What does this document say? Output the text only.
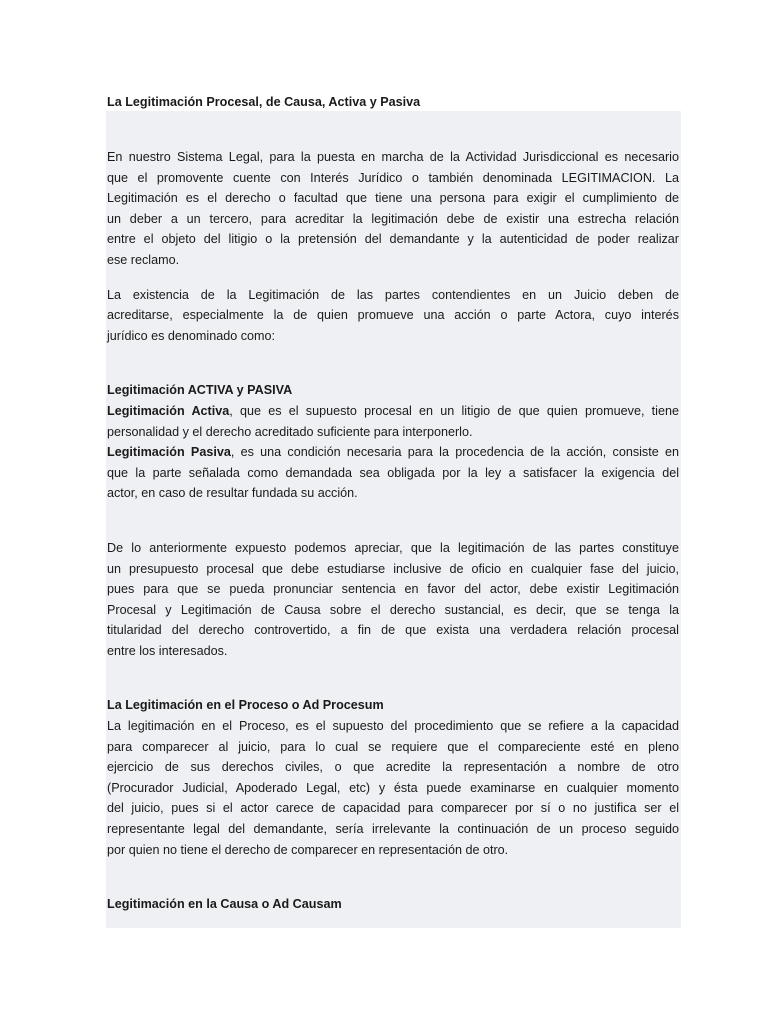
La Legitimación Procesal, de Causa, Activa y Pasiva
En nuestro Sistema Legal, para la puesta en marcha de la Actividad Jurisdiccional es necesario
que el promovente cuente con Interés Jurídico o también denominada LEGITIMACION. La
Legitimación es el derecho o facultad que tiene una persona para exigir el cumplimiento de
un deber a un tercero, para acreditar la legitimación debe de existir una estrecha relación
entre el objeto del litigio o la pretensión del demandante y la autenticidad de poder realizar
ese reclamo.
La existencia de la Legitimación de las partes contendientes en un Juicio deben de
acreditarse, especialmente la de quien promueve una acción o parte Actora, cuyo interés
jurídico es denominado como:
Legitimación ACTIVA y PASIVA
Legitimación Activa, que es el supuesto procesal en un litigio de que quien promueve, tiene
personalidad y el derecho acreditado suficiente para interponerlo.
Legitimación Pasiva, es una condición necesaria para la procedencia de la acción, consiste en
que la parte señalada como demandada sea obligada por la ley a satisfacer la exigencia del
actor, en caso de resultar fundada su acción.
De lo anteriormente expuesto podemos apreciar, que la legitimación de las partes constituye
un presupuesto procesal que debe estudiarse inclusive de oficio en cualquier fase del juicio,
pues para que se pueda pronunciar sentencia en favor del actor, debe existir Legitimación
Procesal y Legitimación de Causa sobre el derecho sustancial, es decir, que se tenga la
titularidad del derecho controvertido, a fin de que exista una verdadera relación procesal
entre los interesados.
La Legitimación en el Proceso o Ad Procesum
La legitimación en el Proceso, es el supuesto del procedimiento que se refiere a la capacidad
para comparecer al juicio, para lo cual se requiere que el compareciente esté en pleno
ejercicio de sus derechos civiles, o que acredite la representación a nombre de otro
(Procurador Judicial, Apoderado Legal, etc) y ésta puede examinarse en cualquier momento
del juicio, pues si el actor carece de capacidad para comparecer por sí o no justifica ser el
representante legal del demandante, sería irrelevante la continuación de un proceso seguido
por quien no tiene el derecho de comparecer en representación de otro.
Legitimación en la Causa o Ad Causam
